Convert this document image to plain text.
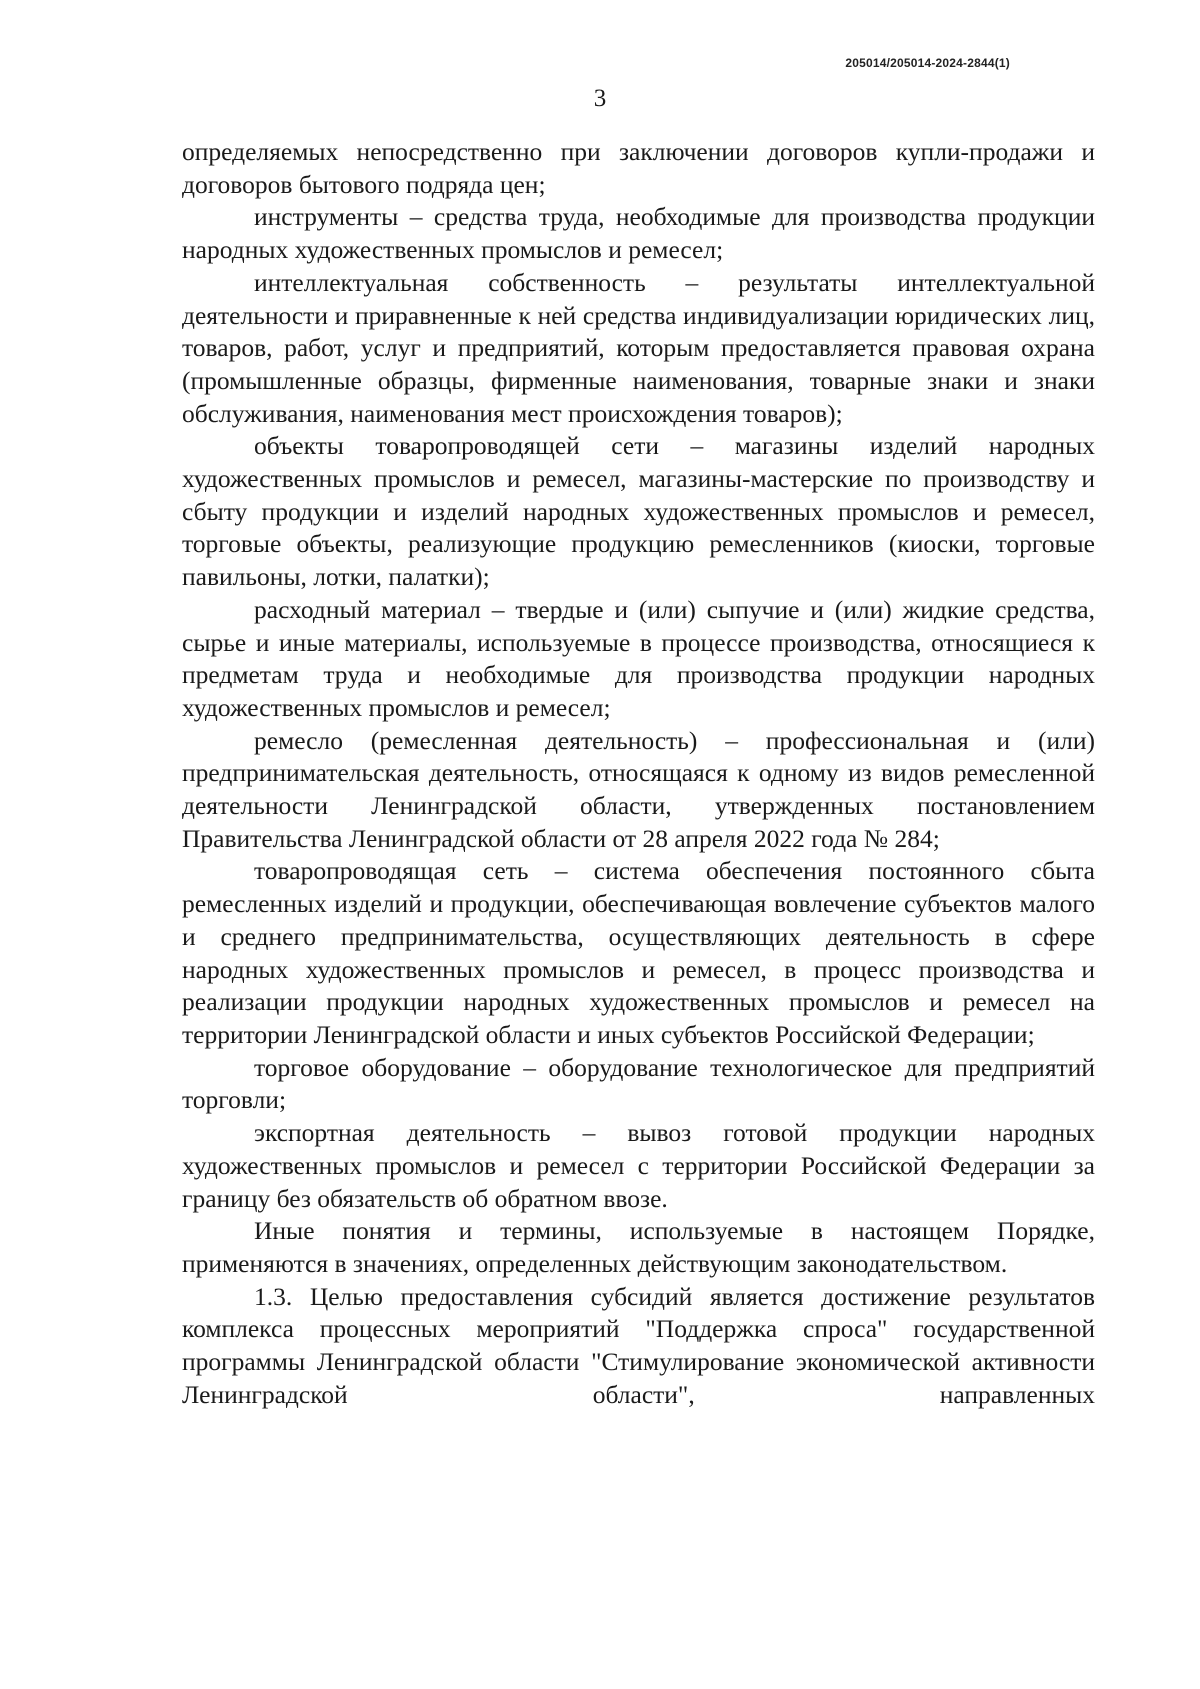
205014/205014-2024-2844(1)
3

определяемых непосредственно при заключении договоров купли-продажи и договоров бытового подряда цен;

инструменты – средства труда, необходимые для производства продукции народных художественных промыслов и ремесел;

интеллектуальная собственность – результаты интеллектуальной деятельности и приравненные к ней средства индивидуализации юридических лиц, товаров, работ, услуг и предприятий, которым предоставляется правовая охрана (промышленные образцы, фирменные наименования, товарные знаки и знаки обслуживания, наименования мест происхождения товаров);

объекты товаропроводящей сети – магазины изделий народных художественных промыслов и ремесел, магазины-мастерские по производству и сбыту продукции и изделий народных художественных промыслов и ремесел, торговые объекты, реализующие продукцию ремесленников (киоски, торговые павильоны, лотки, палатки);

расходный материал – твердые и (или) сыпучие и (или) жидкие средства, сырье и иные материалы, используемые в процессе производства, относящиеся к предметам труда и необходимые для производства продукции народных художественных промыслов и ремесел;

ремесло (ремесленная деятельность) – профессиональная и (или) предпринимательская деятельность, относящаяся к одному из видов ремесленной деятельности Ленинградской области, утвержденных постановлением Правительства Ленинградской области от 28 апреля 2022 года № 284;

товаропроводящая сеть – система обеспечения постоянного сбыта ремесленных изделий и продукции, обеспечивающая вовлечение субъектов малого и среднего предпринимательства, осуществляющих деятельность в сфере народных художественных промыслов и ремесел, в процесс производства и реализации продукции народных художественных промыслов и ремесел на территории Ленинградской области и иных субъектов Российской Федерации;

торговое оборудование – оборудование технологическое для предприятий торговли;

экспортная деятельность – вывоз готовой продукции народных художественных промыслов и ремесел с территории Российской Федерации за границу без обязательств об обратном ввозе.

Иные понятия и термины, используемые в настоящем Порядке, применяются в значениях, определенных действующим законодательством.

1.3. Целью предоставления субсидий является достижение результатов комплекса процессных мероприятий "Поддержка спроса" государственной программы Ленинградской области "Стимулирование экономической активности Ленинградской области", направленных
